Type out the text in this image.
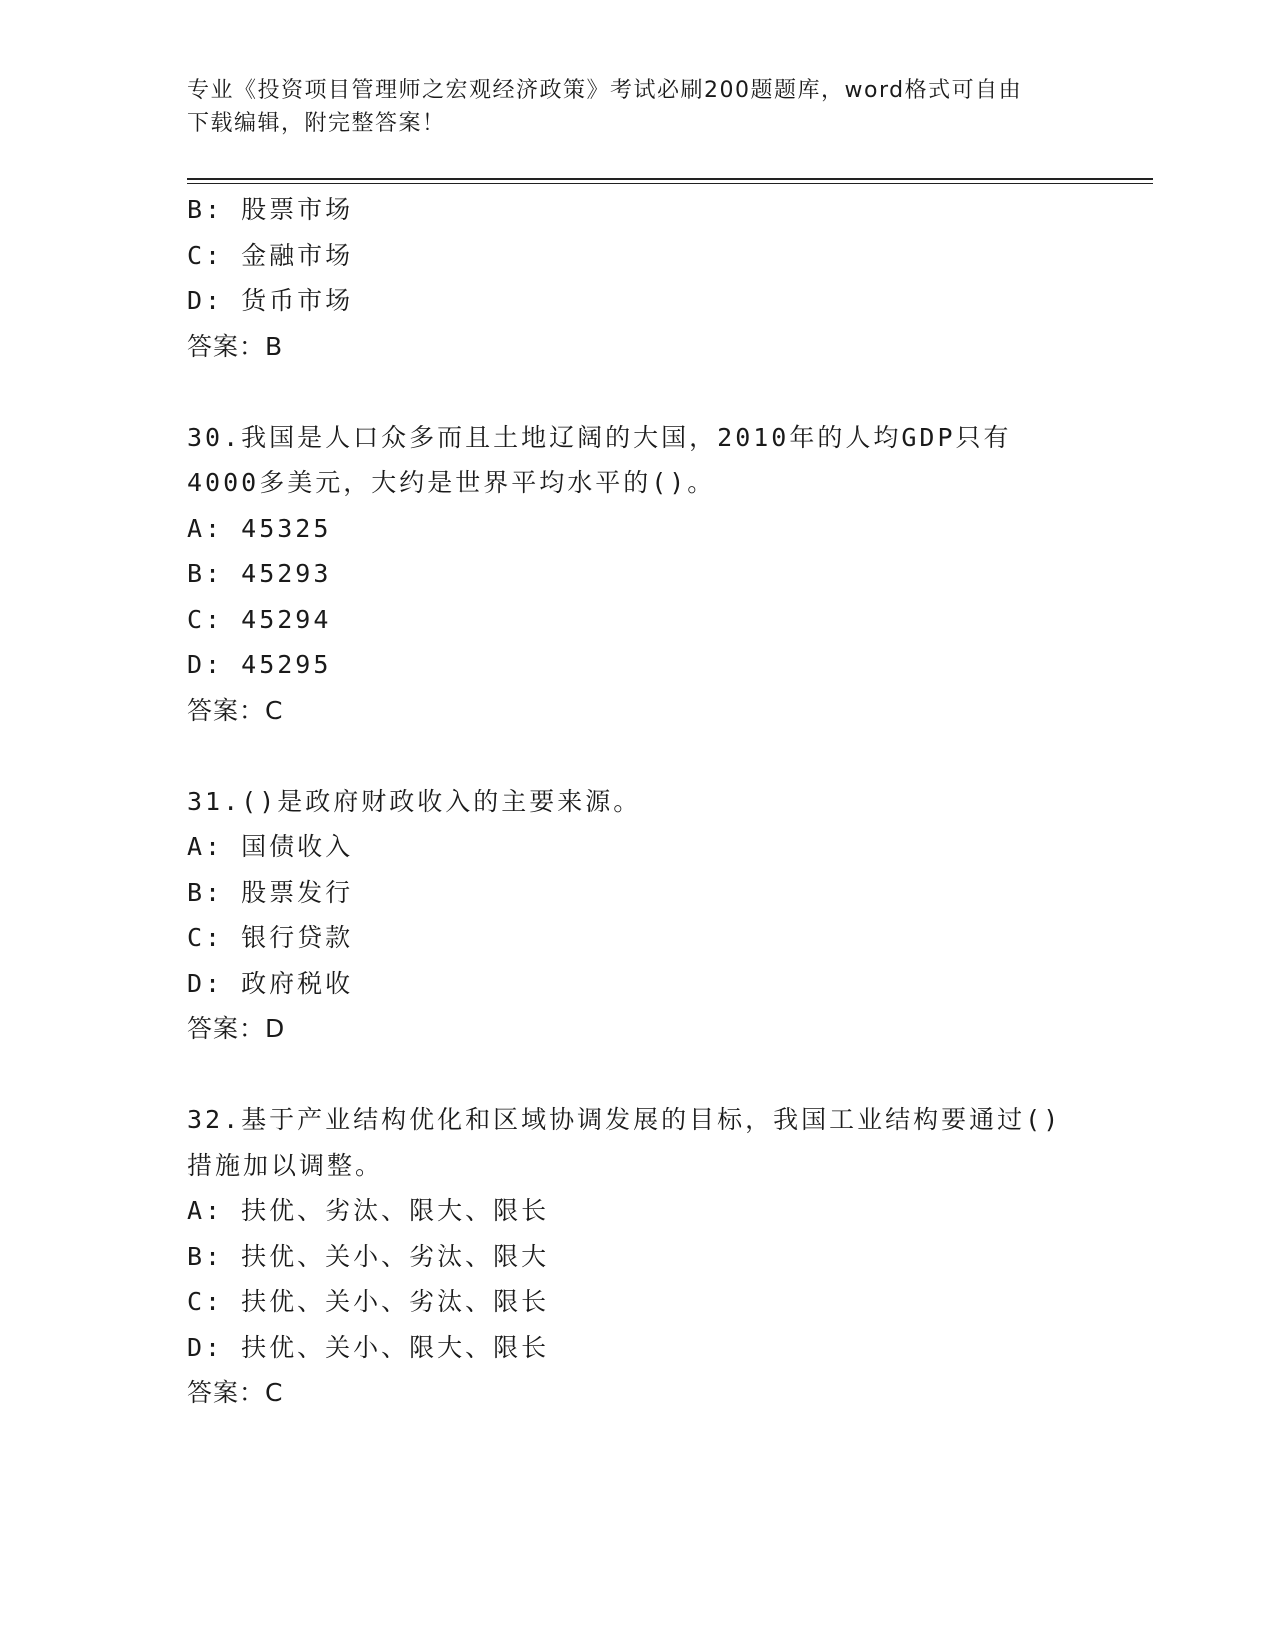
专业《投资项目管理师之宏观经济政策》考试必刷200题题库，word格式可自由
下载编辑，附完整答案！
B: 股票市场
C: 金融市场
D: 货币市场
答案：B
30.我国是人口众多而且土地辽阔的大国，2010年的人均GDP只有
4000多美元，大约是世界平均水平的()。
A: 45325
B: 45293
C: 45294
D: 45295
答案：C
31.()是政府财政收入的主要来源。
A: 国债收入
B: 股票发行
C: 银行贷款
D: 政府税收
答案：D
32.基于产业结构优化和区域协调发展的目标，我国工业结构要通过()
措施加以调整。
A: 扶优、劣汰、限大、限长
B: 扶优、关小、劣汰、限大
C: 扶优、关小、劣汰、限长
D: 扶优、关小、限大、限长
答案：C
